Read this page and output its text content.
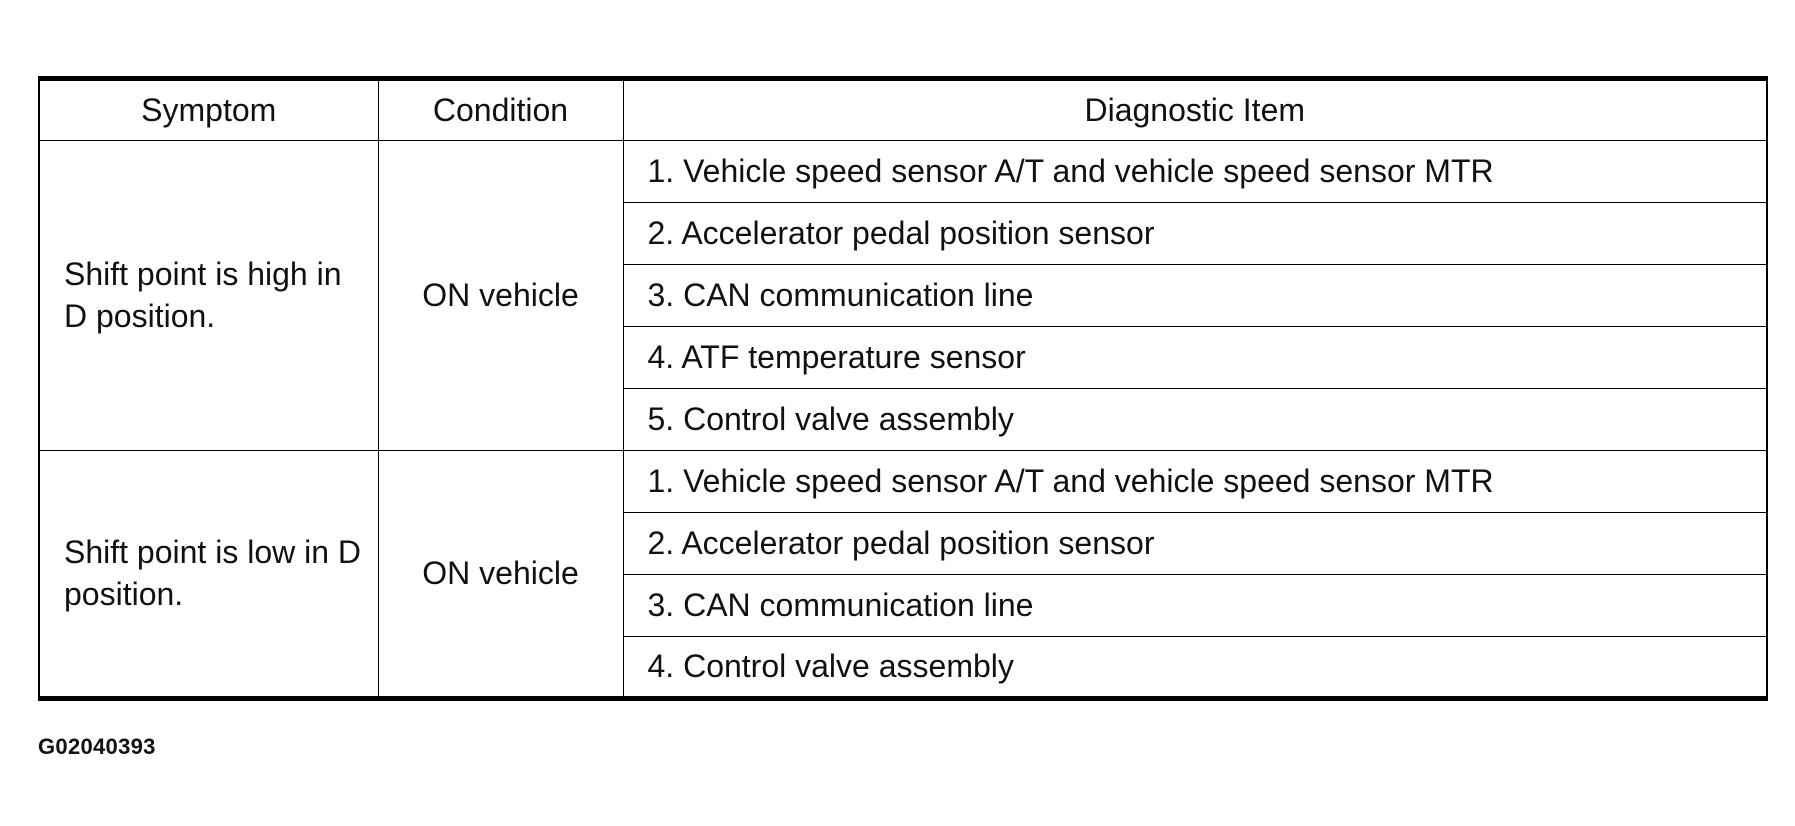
Symptom	Condition	Diagnostic Item
Shift point is high in D position.	ON vehicle	1. Vehicle speed sensor A/T and vehicle speed sensor MTR
		2. Accelerator pedal position sensor
		3. CAN communication line
		4. ATF temperature sensor
		5. Control valve assembly
Shift point is low in D position.	ON vehicle	1. Vehicle speed sensor A/T and vehicle speed sensor MTR
		2. Accelerator pedal position sensor
		3. CAN communication line
		4. Control valve assembly
G02040393
